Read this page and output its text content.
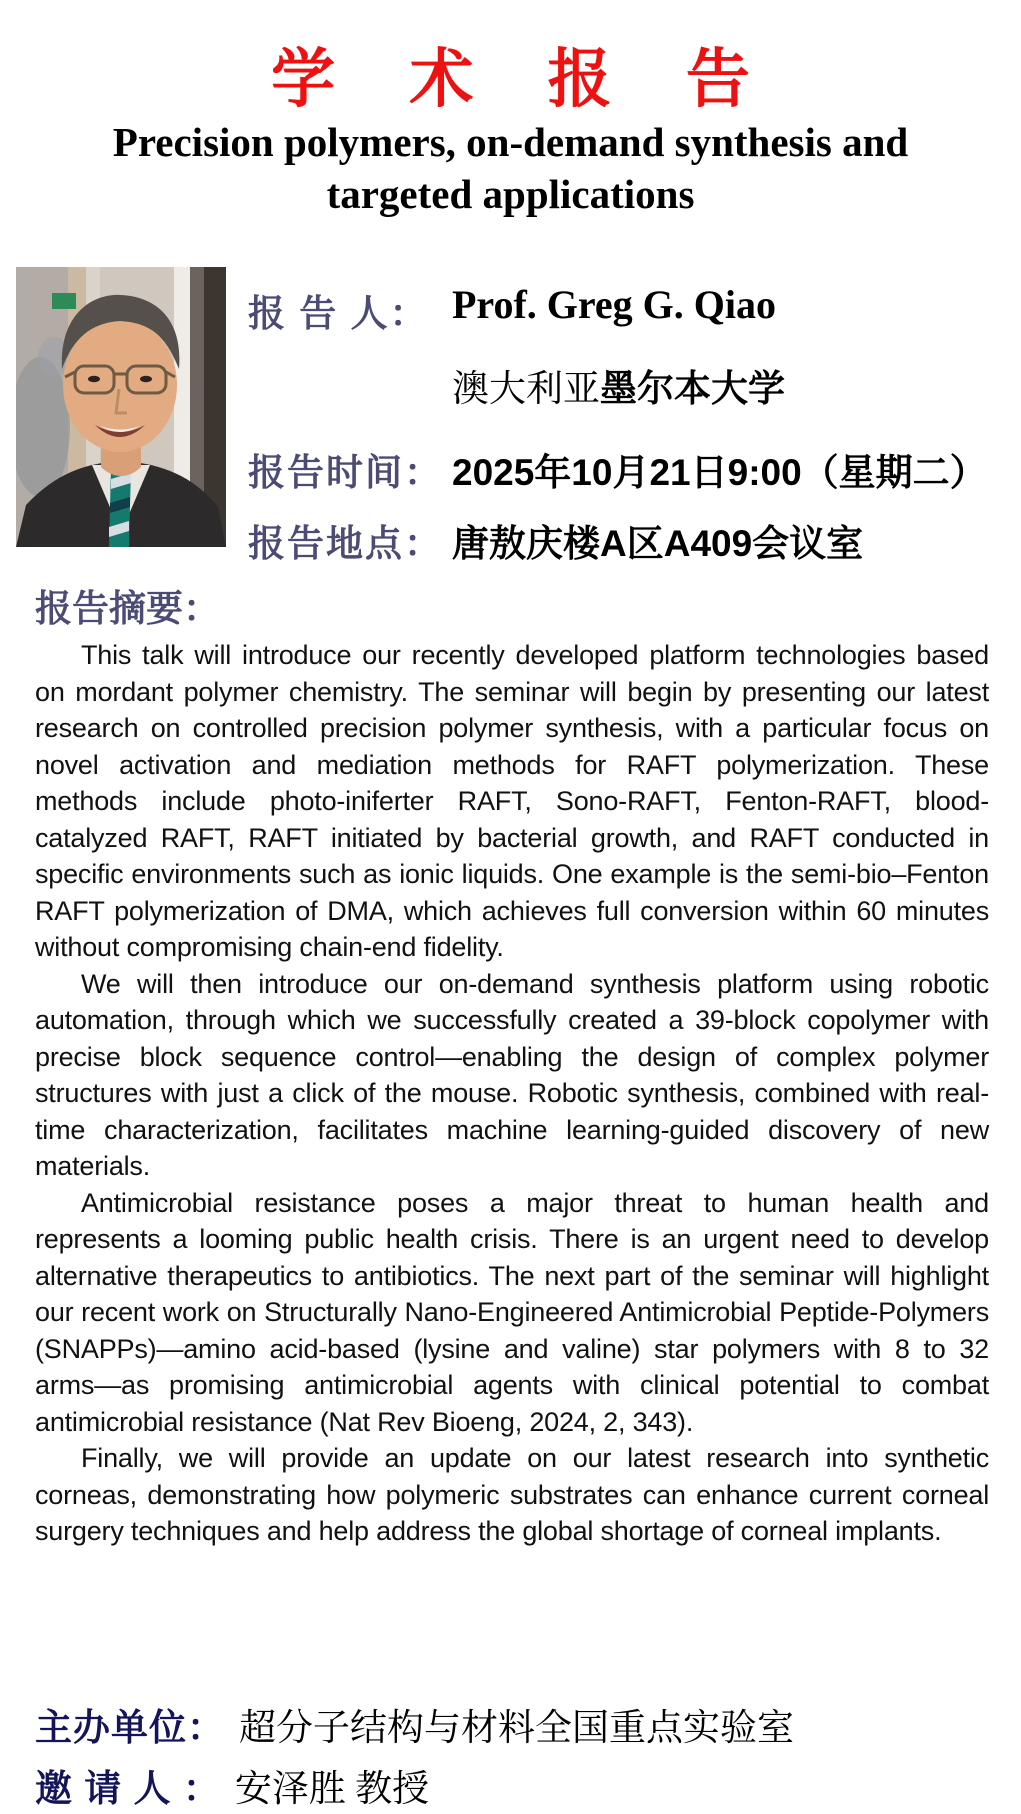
学 术 报 告
Precision polymers, on-demand synthesis and
targeted applications
报 告 人： Prof. Greg G. Qiao
澳大利亚墨尔本大学
报告时间： 2025年10月21日9:00（星期二）
报告地点： 唐敖庆楼A区A409会议室
报告摘要：

This talk will introduce our recently developed platform technologies based on mordant polymer chemistry. The seminar will begin by presenting our latest research on controlled precision polymer synthesis, with a particular focus on novel activation and mediation methods for RAFT polymerization. These methods include photo-iniferter RAFT, Sono-RAFT, Fenton-RAFT, blood-catalyzed RAFT, RAFT initiated by bacterial growth, and RAFT conducted in specific environments such as ionic liquids. One example is the semi-bio–Fenton RAFT polymerization of DMA, which achieves full conversion within 60 minutes without compromising chain-end fidelity.

We will then introduce our on-demand synthesis platform using robotic automation, through which we successfully created a 39-block copolymer with precise block sequence control—enabling the design of complex polymer structures with just a click of the mouse. Robotic synthesis, combined with real-time characterization, facilitates machine learning-guided discovery of new materials.

Antimicrobial resistance poses a major threat to human health and represents a looming public health crisis. There is an urgent need to develop alternative therapeutics to antibiotics. The next part of the seminar will highlight our recent work on Structurally Nano-Engineered Antimicrobial Peptide-Polymers (SNAPPs)—amino acid-based (lysine and valine) star polymers with 8 to 32 arms—as promising antimicrobial agents with clinical potential to combat antimicrobial resistance (Nat Rev Bioeng, 2024, 2, 343).

Finally, we will provide an update on our latest research into synthetic corneas, demonstrating how polymeric substrates can enhance current corneal surgery techniques and help address the global shortage of corneal implants.

主办单位： 超分子结构与材料全国重点实验室
邀 请 人 ： 安泽胜 教授
